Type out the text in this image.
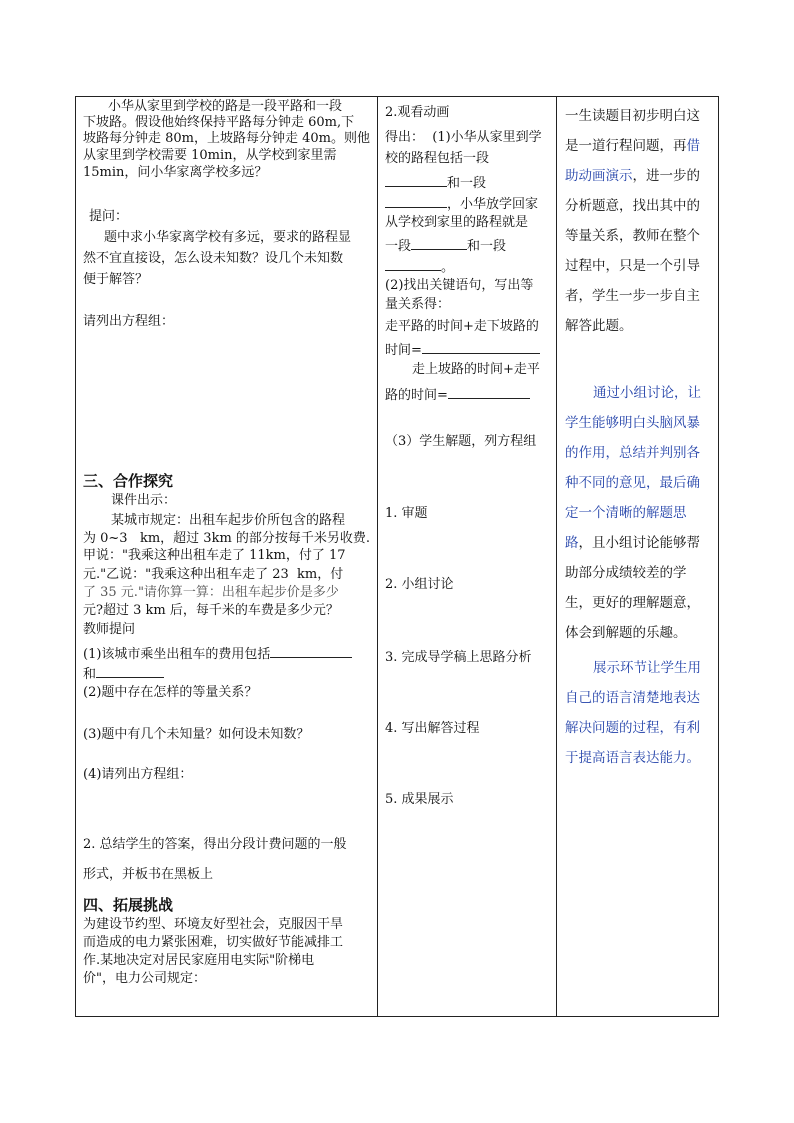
小华从家里到学校的路是一段平路和一段
下坡路。假设他始终保持平路每分钟走 60m,下
坡路每分钟走 80m，上坡路每分钟走 40m。则他
从家里到学校需要 10min，从学校到家里需
15min，问小华家离学校多远？
提问：
题中求小华家离学校有多远，要求的路程显
然不宜直接设，怎么设未知数？设几个未知数
便于解答？
请列出方程组：
三、合作探究
课件出示：
某城市规定：出租车起步价所包含的路程
为 0~3   km，超过 3km 的部分按每千米另收费.
甲说："我乘这种出租车走了 11km，付了 17
元."乙说："我乘这种出租车走了 23  km，付
了 35 元."请你算一算：出租车起步价是多少
元?超过 3 km 后，每千米的车费是多少元？
教师提问
(1)该城市乘坐出租车的费用包括
和
(2)题中存在怎样的等量关系？
(3)题中有几个未知量？如何设未知数？
(4)请列出方程组：
2. 总结学生的答案，得出分段计费问题的一般
形式，并板书在黑板上
四、拓展挑战
为建设节约型、环境友好型社会，克服因干旱
而造成的电力紧张困难，切实做好节能减排工
作.某地决定对居民家庭用电实际"阶梯电
价"，电力公司规定：
2.观看动画
得出：  (1)小华从家里到学
校的路程包括一段
和一段
，小华放学回家
从学校到家里的路程就是
一段	和一段
。
(2)找出关键语句，写出等
量关系得：
走平路的时间+走下坡路的
时间=
走上坡路的时间+走平
路的时间=
（3）学生解题，列方程组
1. 审题
2. 小组讨论
3. 完成导学稿上思路分析
4. 写出解答过程
5. 成果展示
一生读题目初步明白这
是一道行程问题，再借
助动画演示，进一步的
分析题意，找出其中的
等量关系，教师在整个
过程中，只是一个引导
者，学生一步一步自主
解答此题。
通过小组讨论，让
学生能够明白头脑风暴
的作用，总结并判别各
种不同的意见，最后确
定一个清晰的解题思
路，且小组讨论能够帮
助部分成绩较差的学
生，更好的理解题意，
体会到解题的乐趣。
展示环节让学生用
自己的语言清楚地表达
解决问题的过程，有利
于提高语言表达能力。
